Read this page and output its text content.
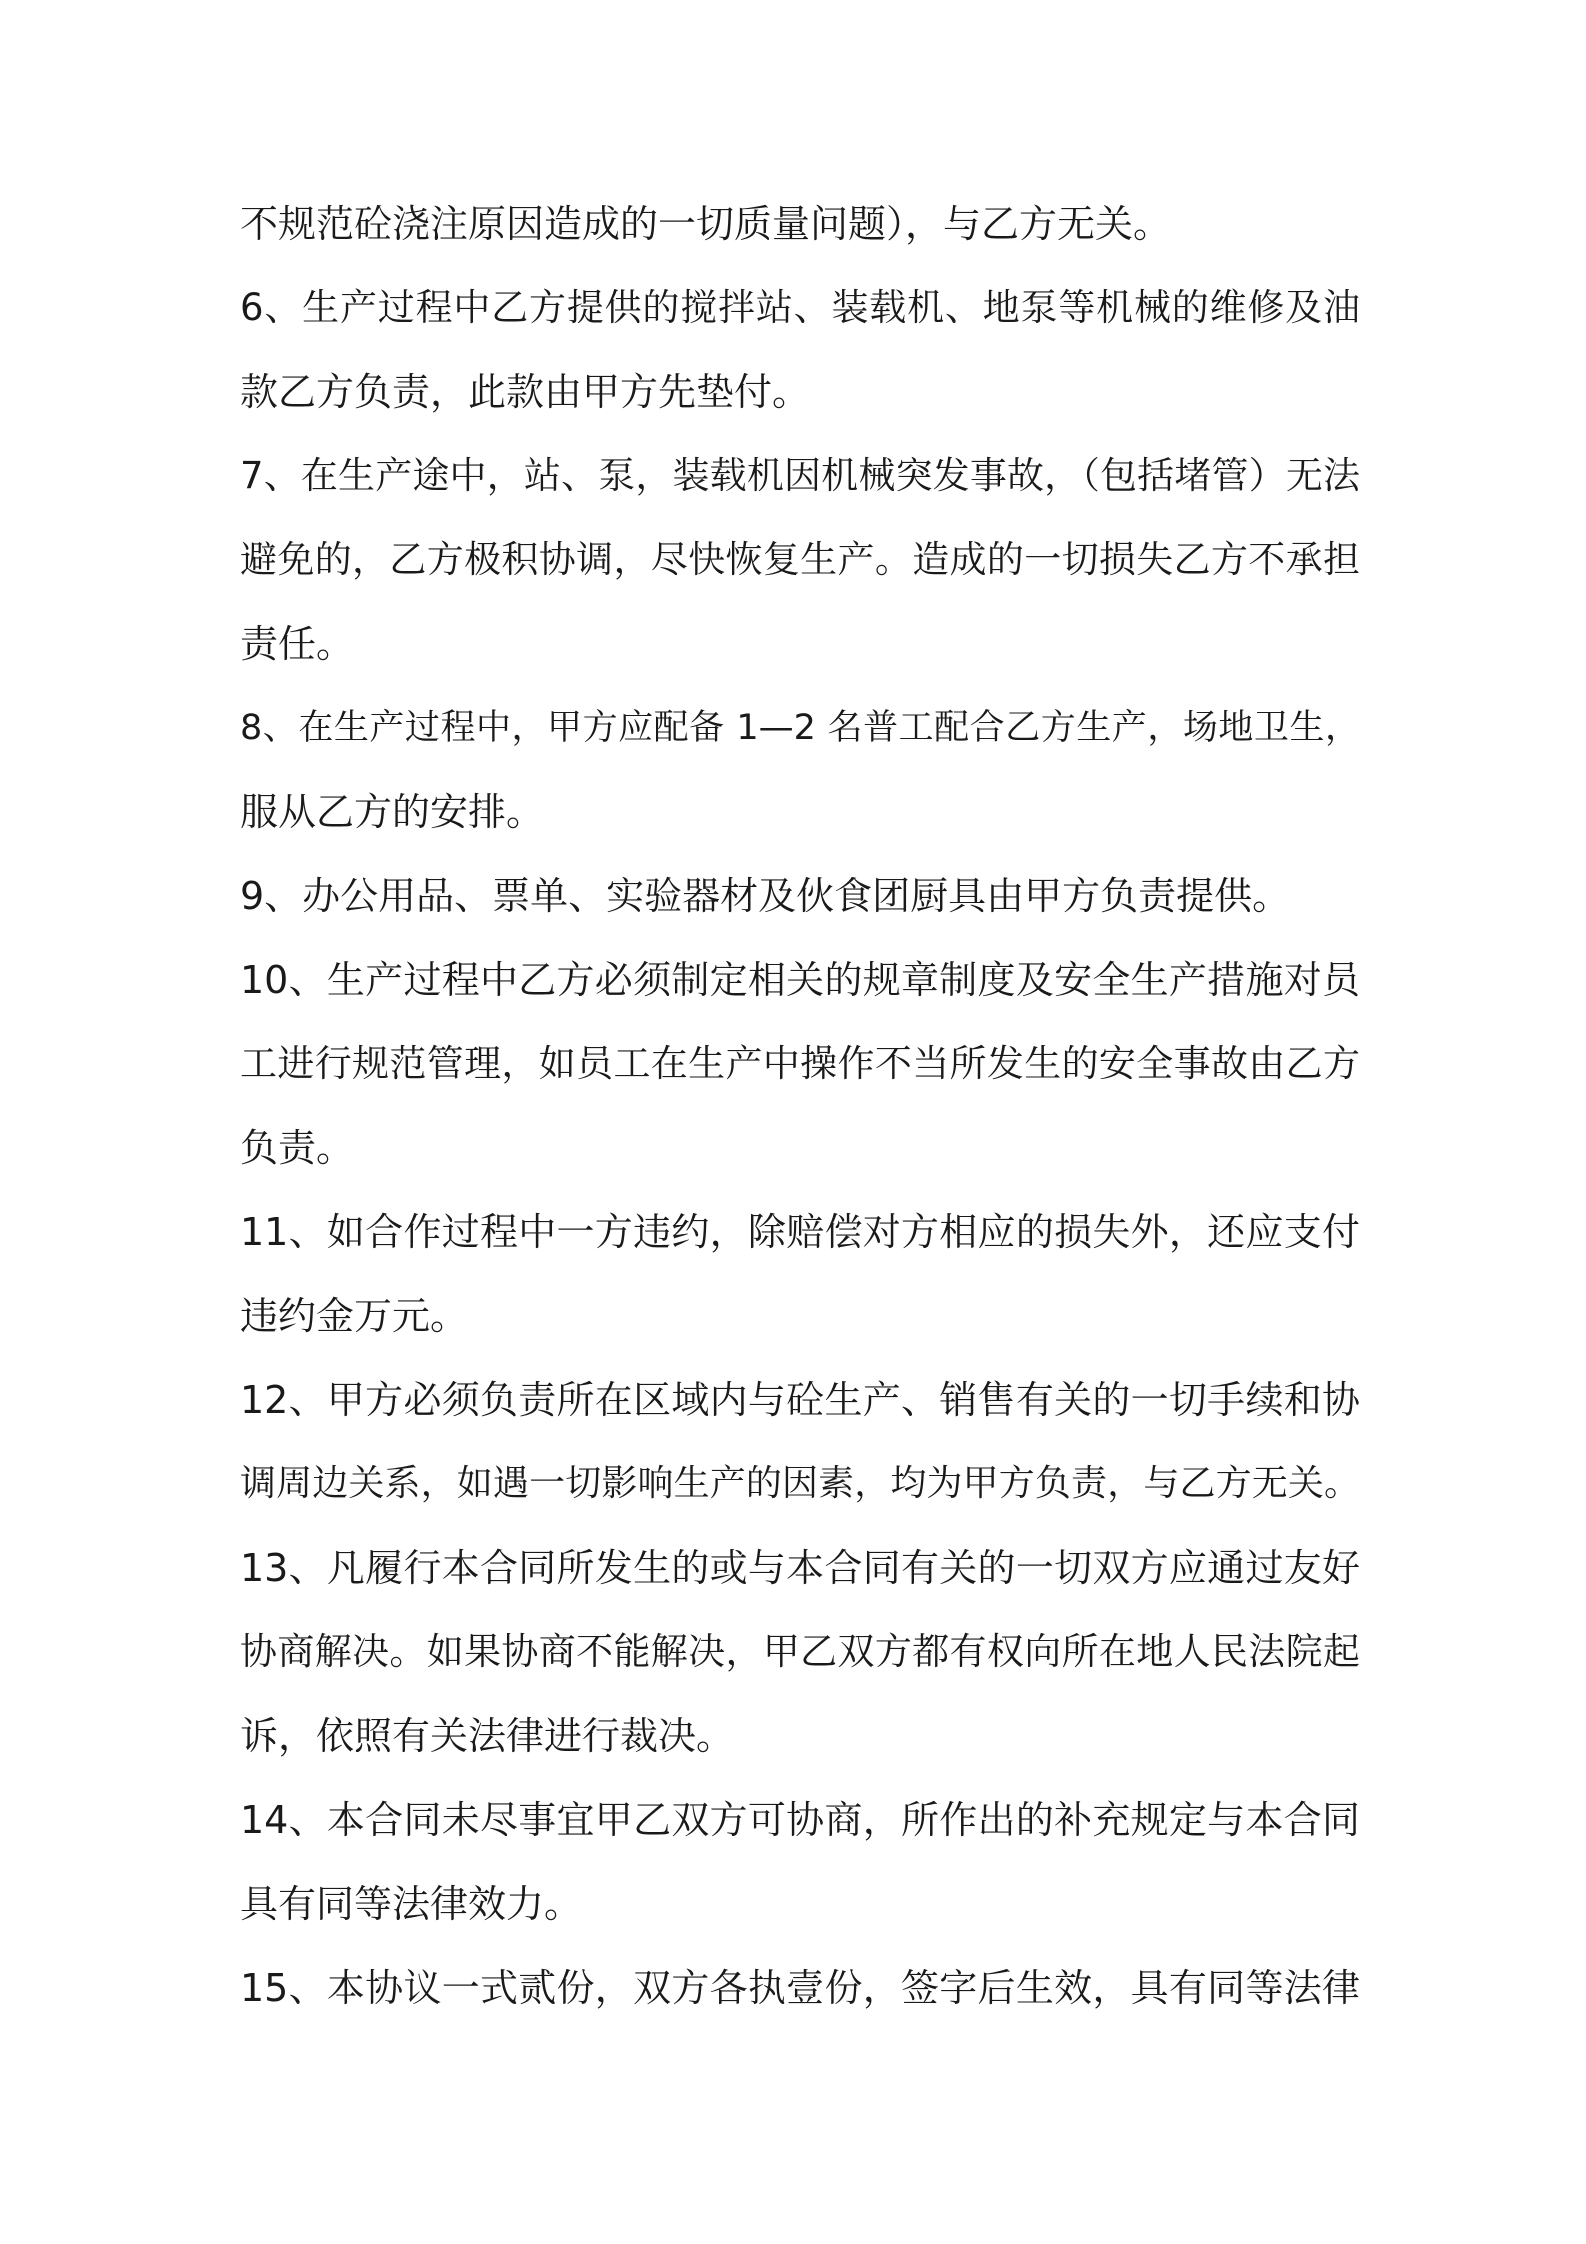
不规范砼浇注原因造成的一切质量问题），与乙方无关。
6、生产过程中乙方提供的搅拌站、装载机、地泵等机械的维修及油
款乙方负责，此款由甲方先垫付。
7、在生产途中，站、泵，装载机因机械突发事故，（包括堵管）无法
避免的，乙方极积协调，尽快恢复生产。造成的一切损失乙方不承担
责任。
8、在生产过程中，甲方应配备 1—2 名普工配合乙方生产，场地卫生，
服从乙方的安排。
9、办公用品、票单、实验器材及伙食团厨具由甲方负责提供。
10、生产过程中乙方必须制定相关的规章制度及安全生产措施对员
工进行规范管理，如员工在生产中操作不当所发生的安全事故由乙方
负责。
11、如合作过程中一方违约，除赔偿对方相应的损失外，还应支付
违约金万元。
12、甲方必须负责所在区域内与砼生产、销售有关的一切手续和协
调周边关系，如遇一切影响生产的因素，均为甲方负责，与乙方无关。
13、凡履行本合同所发生的或与本合同有关的一切双方应通过友好
协商解决。如果协商不能解决，甲乙双方都有权向所在地人民法院起
诉，依照有关法律进行裁决。
14、本合同未尽事宜甲乙双方可协商，所作出的补充规定与本合同
具有同等法律效力。
15、本协议一式贰份，双方各执壹份，签字后生效，具有同等法律
